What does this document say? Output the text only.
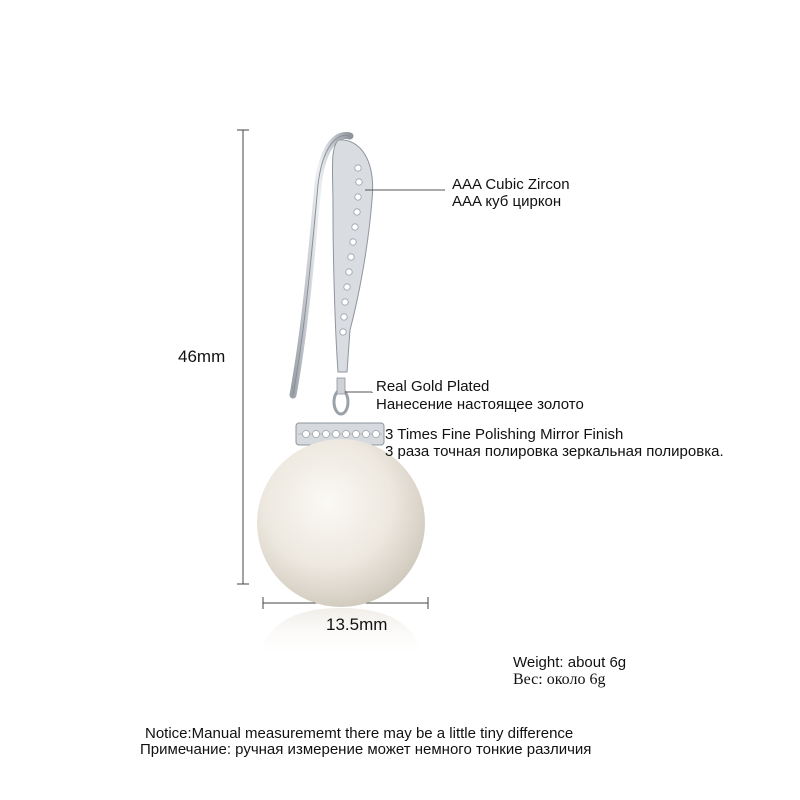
46mm
13.5mm
AAA Cubic Zircon
AAA куб циркон
Real Gold Plated
Нанесение настоящее золото
3 Times Fine Polishing Mirror Finish
3 раза точная полировка зеркальная полировка.
Weight: about 6g
Вес: около 6g
Notice:Manual measurememt there may be a little tiny difference
Примечание: ручная измерение может немного тонкие различия
